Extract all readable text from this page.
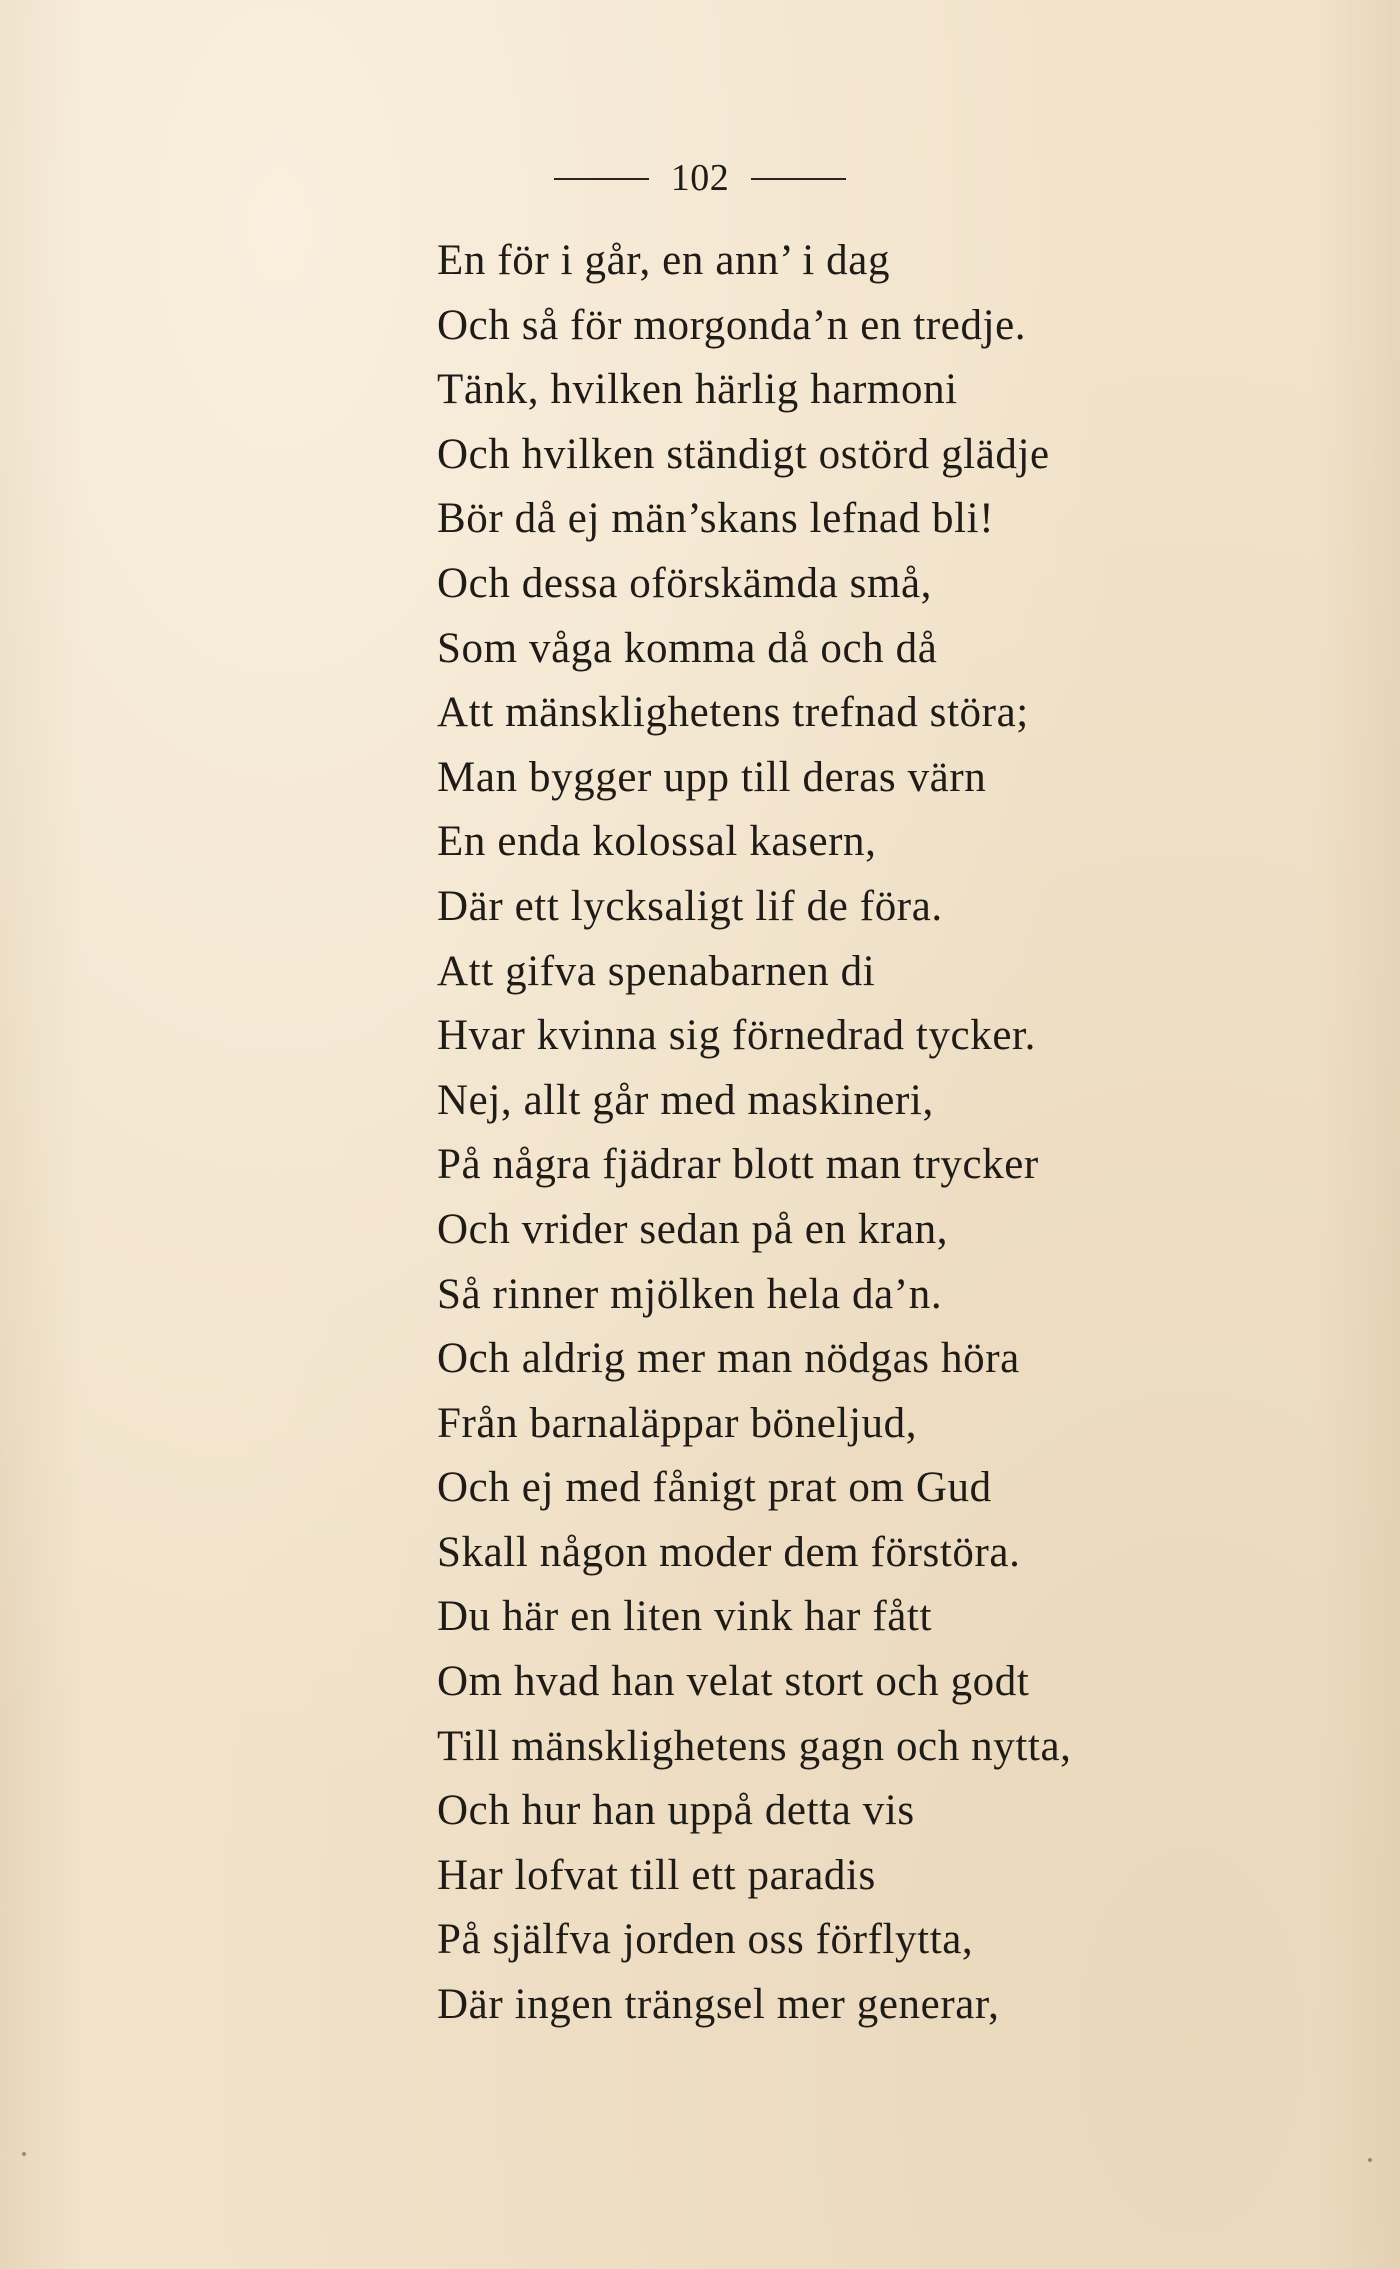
102
En för i går, en ann’ i dag
Och så för morgonda’n en tredje.
Tänk, hvilken härlig harmoni
Och hvilken ständigt ostörd glädje
Bör då ej män’skans lefnad bli!
Och dessa oförskämda små,
Som våga komma då och då
Att mänsklighetens trefnad störa;
Man bygger upp till deras värn
En enda kolossal kasern,
Där ett lycksaligt lif de föra.
Att gifva spenabarnen di
Hvar kvinna sig förnedrad tycker.
Nej, allt går med maskineri,
På några fjädrar blott man trycker
Och vrider sedan på en kran,
Så rinner mjölken hela da’n.
Och aldrig mer man nödgas höra
Från barnaläppar böneljud,
Och ej med fånigt prat om Gud
Skall någon moder dem förstöra.
Du här en liten vink har fått
Om hvad han velat stort och godt
Till mänsklighetens gagn och nytta,
Och hur han uppå detta vis
Har lofvat till ett paradis
På själfva jorden oss förflytta,
Där ingen trängsel mer generar,
